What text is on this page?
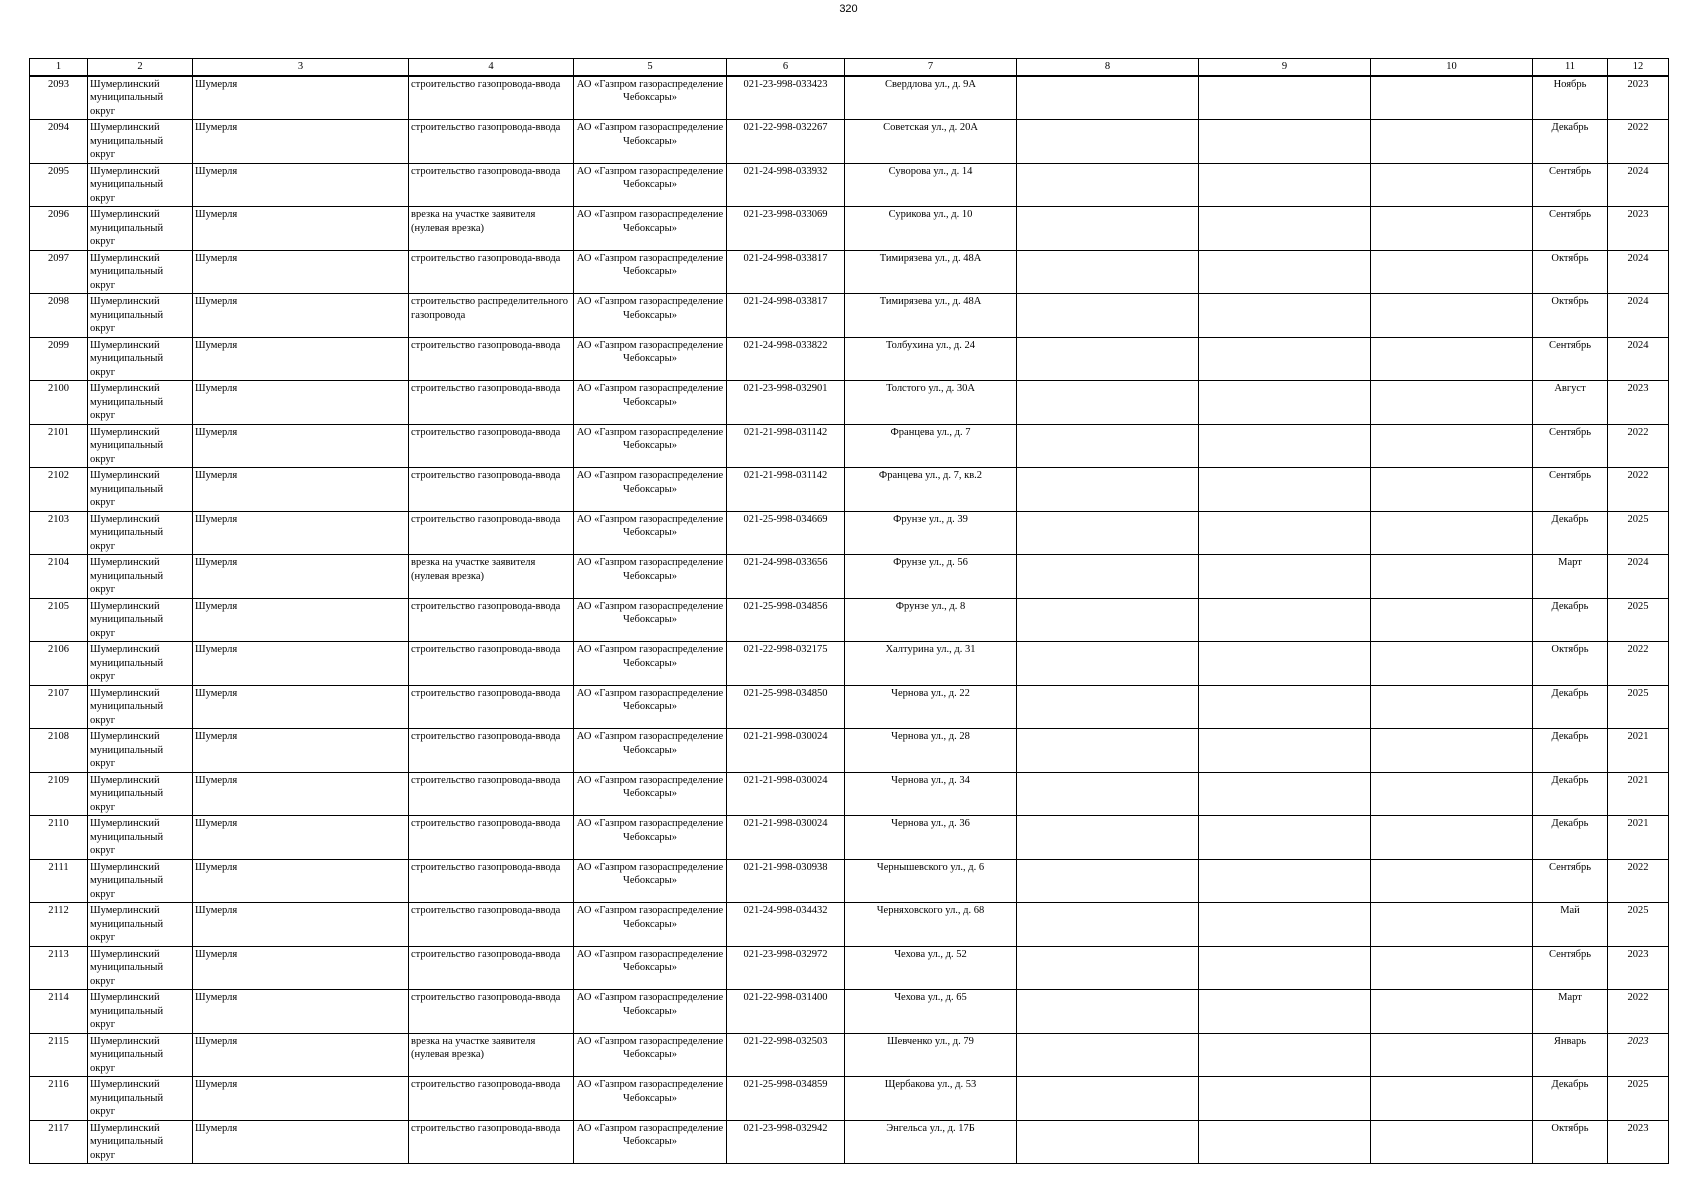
320
1	2	3	4	5	6	7	8	9	10	11	12
2093	Шумерлинский муниципальный округ	Шумерля	строительство газопровода-ввода	АО «Газпром газораспределение Чебоксары»	021-23-998-033423	Свердлова ул., д. 9А				Ноябрь	2023
2094	Шумерлинский муниципальный округ	Шумерля	строительство газопровода-ввода	АО «Газпром газораспределение Чебоксары»	021-22-998-032267	Советская ул., д. 20А				Декабрь	2022
2095	Шумерлинский муниципальный округ	Шумерля	строительство газопровода-ввода	АО «Газпром газораспределение Чебоксары»	021-24-998-033932	Суворова ул., д. 14				Сентябрь	2024
2096	Шумерлинский муниципальный округ	Шумерля	врезка на участке заявителя (нулевая врезка)	АО «Газпром газораспределение Чебоксары»	021-23-998-033069	Сурикова ул., д. 10				Сентябрь	2023
2097	Шумерлинский муниципальный округ	Шумерля	строительство газопровода-ввода	АО «Газпром газораспределение Чебоксары»	021-24-998-033817	Тимирязева ул., д. 48А				Октябрь	2024
2098	Шумерлинский муниципальный округ	Шумерля	строительство распределительного газопровода	АО «Газпром газораспределение Чебоксары»	021-24-998-033817	Тимирязева ул., д. 48А				Октябрь	2024
2099	Шумерлинский муниципальный округ	Шумерля	строительство газопровода-ввода	АО «Газпром газораспределение Чебоксары»	021-24-998-033822	Толбухина ул., д. 24				Сентябрь	2024
2100	Шумерлинский муниципальный округ	Шумерля	строительство газопровода-ввода	АО «Газпром газораспределение Чебоксары»	021-23-998-032901	Толстого ул., д. 30А				Август	2023
2101	Шумерлинский муниципальный округ	Шумерля	строительство газопровода-ввода	АО «Газпром газораспределение Чебоксары»	021-21-998-031142	Францева ул., д. 7				Сентябрь	2022
2102	Шумерлинский муниципальный округ	Шумерля	строительство газопровода-ввода	АО «Газпром газораспределение Чебоксары»	021-21-998-031142	Францева ул., д. 7, кв.2				Сентябрь	2022
2103	Шумерлинский муниципальный округ	Шумерля	строительство газопровода-ввода	АО «Газпром газораспределение Чебоксары»	021-25-998-034669	Фрунзе ул., д. 39				Декабрь	2025
2104	Шумерлинский муниципальный округ	Шумерля	врезка на участке заявителя (нулевая врезка)	АО «Газпром газораспределение Чебоксары»	021-24-998-033656	Фрунзе ул., д. 56				Март	2024
2105	Шумерлинский муниципальный округ	Шумерля	строительство газопровода-ввода	АО «Газпром газораспределение Чебоксары»	021-25-998-034856	Фрунзе ул., д. 8				Декабрь	2025
2106	Шумерлинский муниципальный округ	Шумерля	строительство газопровода-ввода	АО «Газпром газораспределение Чебоксары»	021-22-998-032175	Халтурина ул., д. 31				Октябрь	2022
2107	Шумерлинский муниципальный округ	Шумерля	строительство газопровода-ввода	АО «Газпром газораспределение Чебоксары»	021-25-998-034850	Чернова ул., д. 22				Декабрь	2025
2108	Шумерлинский муниципальный округ	Шумерля	строительство газопровода-ввода	АО «Газпром газораспределение Чебоксары»	021-21-998-030024	Чернова ул., д. 28				Декабрь	2021
2109	Шумерлинский муниципальный округ	Шумерля	строительство газопровода-ввода	АО «Газпром газораспределение Чебоксары»	021-21-998-030024	Чернова ул., д. 34				Декабрь	2021
2110	Шумерлинский муниципальный округ	Шумерля	строительство газопровода-ввода	АО «Газпром газораспределение Чебоксары»	021-21-998-030024	Чернова ул., д. 36				Декабрь	2021
2111	Шумерлинский муниципальный округ	Шумерля	строительство газопровода-ввода	АО «Газпром газораспределение Чебоксары»	021-21-998-030938	Чернышевского ул., д. 6				Сентябрь	2022
2112	Шумерлинский муниципальный округ	Шумерля	строительство газопровода-ввода	АО «Газпром газораспределение Чебоксары»	021-24-998-034432	Черняховского ул., д. 68				Май	2025
2113	Шумерлинский муниципальный округ	Шумерля	строительство газопровода-ввода	АО «Газпром газораспределение Чебоксары»	021-23-998-032972	Чехова ул., д. 52				Сентябрь	2023
2114	Шумерлинский муниципальный округ	Шумерля	строительство газопровода-ввода	АО «Газпром газораспределение Чебоксары»	021-22-998-031400	Чехова ул., д. 65				Март	2022
2115	Шумерлинский муниципальный округ	Шумерля	врезка на участке заявителя (нулевая врезка)	АО «Газпром газораспределение Чебоксары»	021-22-998-032503	Шевченко ул., д. 79				Январь	2023
2116	Шумерлинский муниципальный округ	Шумерля	строительство газопровода-ввода	АО «Газпром газораспределение Чебоксары»	021-25-998-034859	Щербакова ул., д. 53				Декабрь	2025
2117	Шумерлинский муниципальный округ	Шумерля	строительство газопровода-ввода	АО «Газпром газораспределение Чебоксары»	021-23-998-032942	Энгельса ул., д. 17Б				Октябрь	2023
